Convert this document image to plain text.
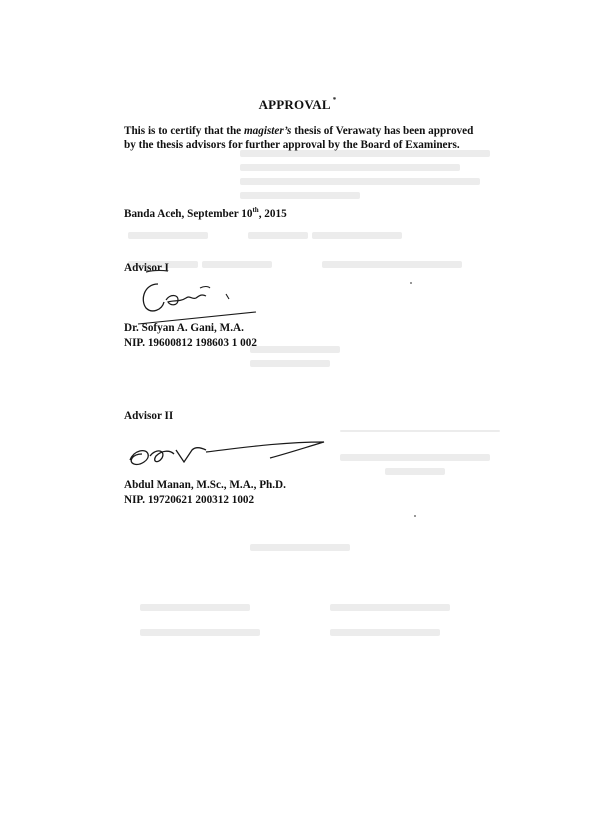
APPROVAL *
This is to certify that the magister’s thesis of Verawaty has been approved by the thesis advisors for further approval by the Board of Examiners.
Banda Aceh, September 10th, 2015
Advisor I
Dr. Sofyan A. Gani, M.A.
NIP. 19600812 198603 1 002
Advisor II
Abdul Manan, M.Sc., M.A., Ph.D.
NIP. 19720621 200312 1002
